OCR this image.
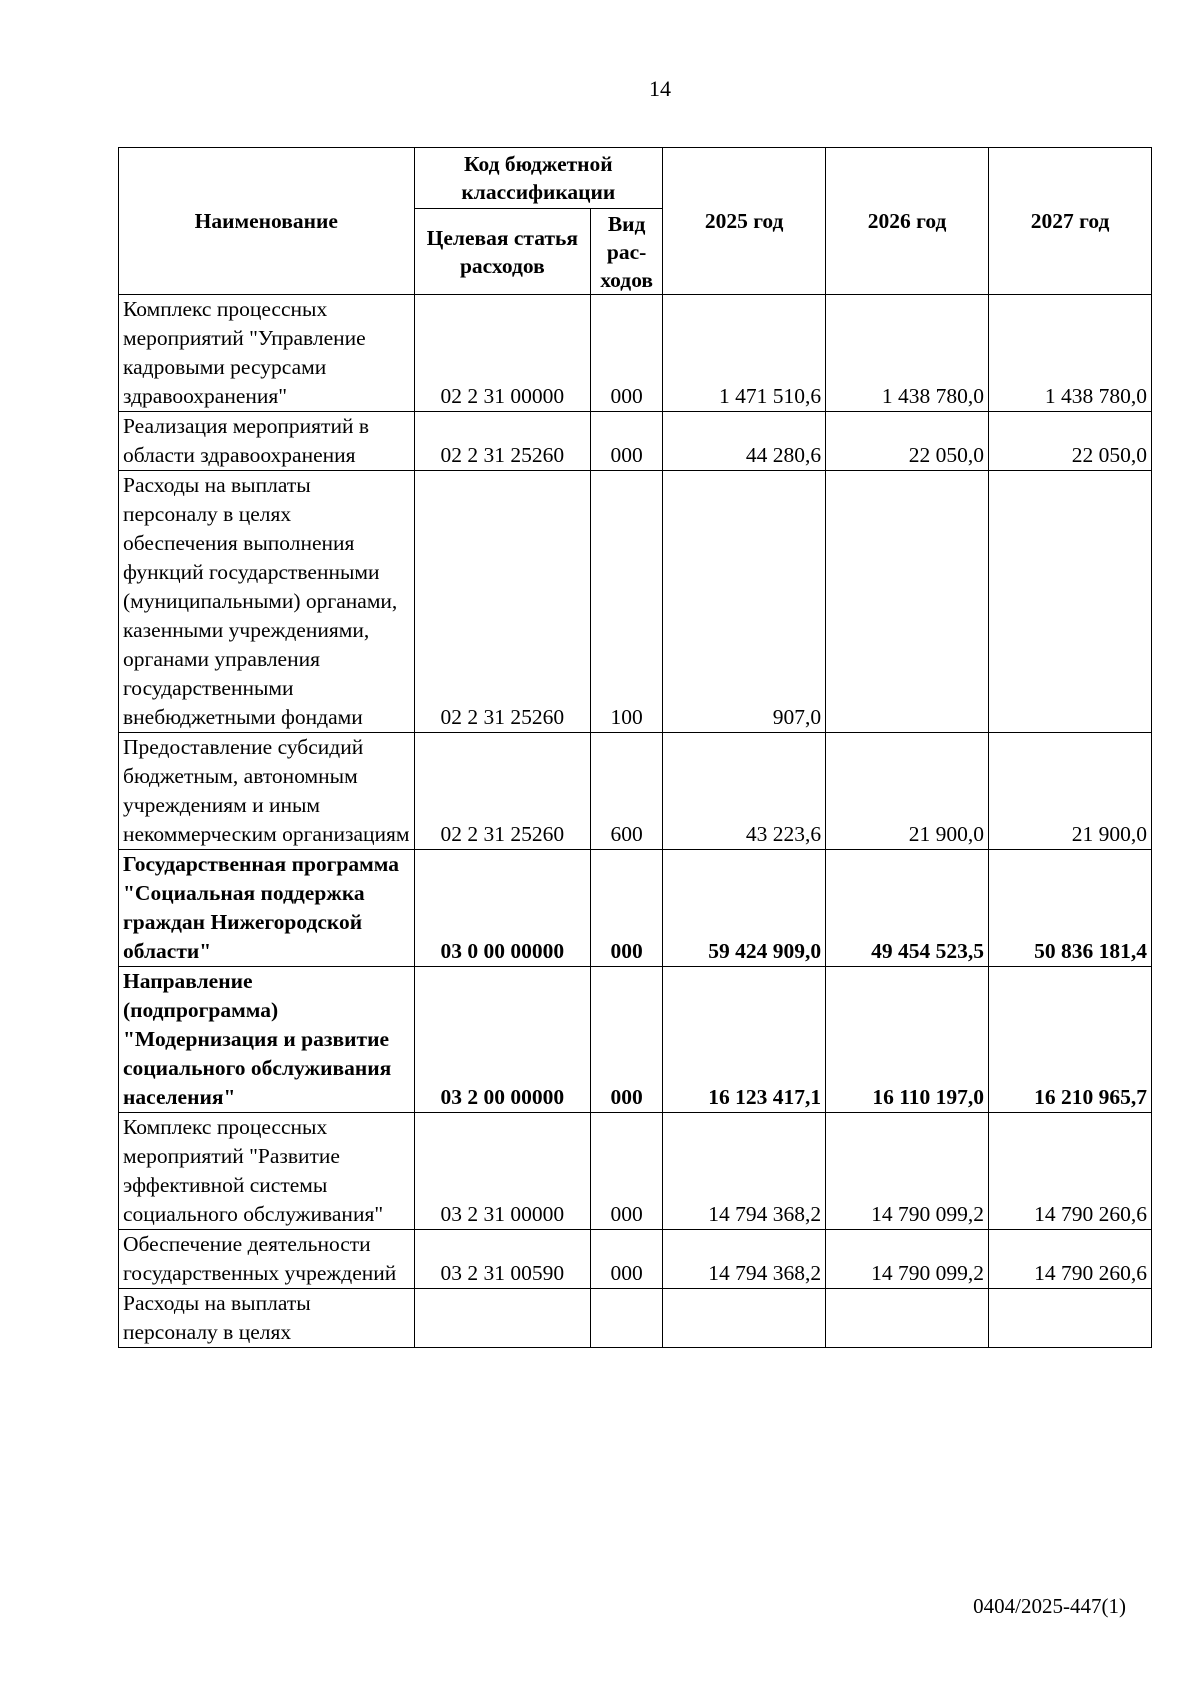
14
Наименование	Код бюджетной классификации		2025 год	2026 год	2027 год
	Целевая статья расходов	Вид рас- ходов			
Комплекс процессных мероприятий "Управление кадровыми ресурсами здравоохранения"	02 2 31 00000	000	1 471 510,6	1 438 780,0	1 438 780,0
Реализация мероприятий в области здравоохранения	02 2 31 25260	000	44 280,6	22 050,0	22 050,0
Расходы на выплаты персоналу в целях обеспечения выполнения функций государственными (муниципальными) органами, казенными учреждениями, органами управления государственными внебюджетными фондами	02 2 31 25260	100	907,0		
Предоставление субсидий бюджетным, автономным учреждениям и иным некоммерческим организациям	02 2 31 25260	600	43 223,6	21 900,0	21 900,0
Государственная программа "Социальная поддержка граждан Нижегородской области"	03 0 00 00000	000	59 424 909,0	49 454 523,5	50 836 181,4
Направление (подпрограмма) "Модернизация и развитие социального обслуживания населения"	03 2 00 00000	000	16 123 417,1	16 110 197,0	16 210 965,7
Комплекс процессных мероприятий "Развитие эффективной системы социального обслуживания"	03 2 31 00000	000	14 794 368,2	14 790 099,2	14 790 260,6
Обеспечение деятельности государственных учреждений	03 2 31 00590	000	14 794 368,2	14 790 099,2	14 790 260,6
Расходы на выплаты персоналу в целях					
0404/2025-447(1)
